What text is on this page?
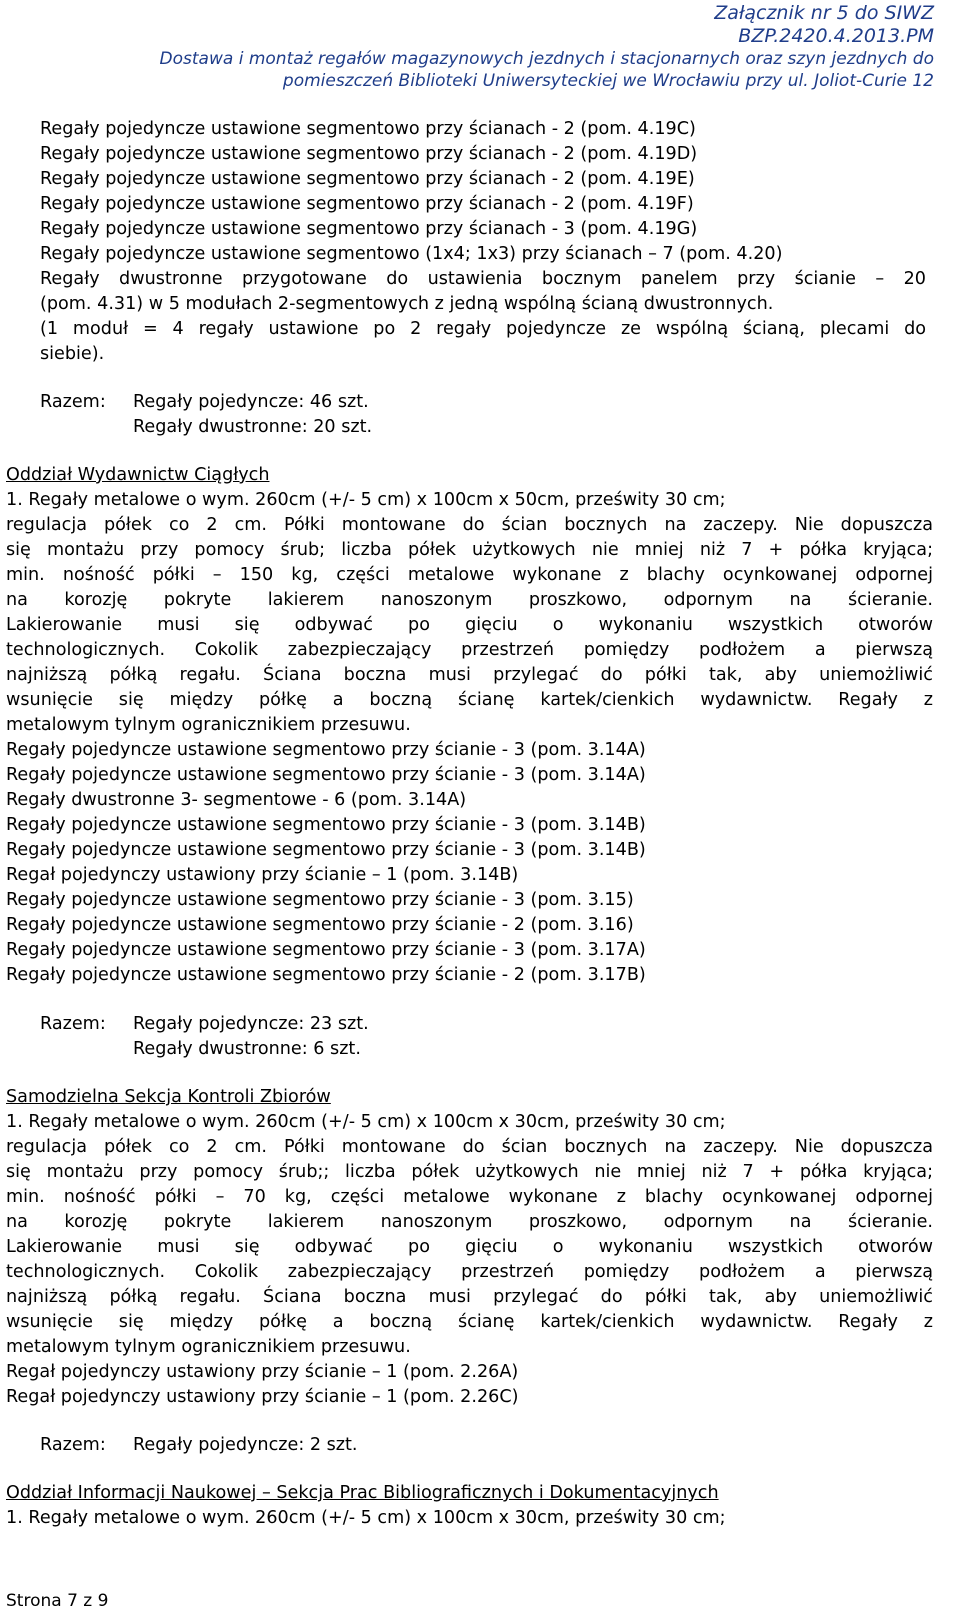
Załącznik nr 5 do SIWZ
BZP.2420.4.2013.PM
Dostawa i montaż regałów magazynowych jezdnych i stacjonarnych oraz szyn jezdnych do
pomieszczeń Biblioteki Uniwersyteckiej we Wrocławiu przy ul. Joliot-Curie 12
Regały pojedyncze ustawione segmentowo przy ścianach - 2 (pom. 4.19C)
Regały pojedyncze ustawione segmentowo przy ścianach - 2 (pom. 4.19D)
Regały pojedyncze ustawione segmentowo przy ścianach - 2 (pom. 4.19E)
Regały pojedyncze ustawione segmentowo przy ścianach - 2 (pom. 4.19F)
Regały pojedyncze ustawione segmentowo przy ścianach - 3 (pom. 4.19G)
Regały pojedyncze ustawione segmentowo (1x4; 1x3) przy ścianach – 7 (pom. 4.20)
Regały dwustronne przygotowane do ustawienia bocznym panelem przy ścianie – 20
(pom. 4.31) w 5 modułach 2-segmentowych z jedną wspólną ścianą dwustronnych.
(1 moduł = 4 regały ustawione po 2 regały pojedyncze ze wspólną ścianą, plecami do
siebie).
Razem: Regały pojedyncze: 46 szt.
Regały dwustronne: 20 szt.
Oddział Wydawnictw Ciągłych
1. Regały metalowe o wym. 260cm (+/- 5 cm) x 100cm x 50cm, prześwity 30 cm;
regulacja półek co 2 cm. Półki montowane do ścian bocznych na zaczepy. Nie dopuszcza
się montażu przy pomocy śrub; liczba półek użytkowych nie mniej niż 7 + półka kryjąca;
min. nośność półki – 150 kg, części metalowe wykonane z blachy ocynkowanej odpornej
na korozję pokryte lakierem nanoszonym proszkowo, odpornym na ścieranie.
Lakierowanie musi się odbywać po gięciu o wykonaniu wszystkich otworów
technologicznych. Cokolik zabezpieczający przestrzeń pomiędzy podłożem a pierwszą
najniższą półką regału. Ściana boczna musi przylegać do półki tak, aby uniemożliwić
wsunięcie się między półkę a boczną ścianę kartek/cienkich wydawnictw. Regały z
metalowym tylnym ogranicznikiem przesuwu.
Regały pojedyncze ustawione segmentowo przy ścianie - 3 (pom. 3.14A)
Regały pojedyncze ustawione segmentowo przy ścianie - 3 (pom. 3.14A)
Regały dwustronne 3- segmentowe - 6 (pom. 3.14A)
Regały pojedyncze ustawione segmentowo przy ścianie - 3 (pom. 3.14B)
Regały pojedyncze ustawione segmentowo przy ścianie - 3 (pom. 3.14B)
Regał pojedynczy ustawiony przy ścianie – 1 (pom. 3.14B)
Regały pojedyncze ustawione segmentowo przy ścianie - 3 (pom. 3.15)
Regały pojedyncze ustawione segmentowo przy ścianie - 2 (pom. 3.16)
Regały pojedyncze ustawione segmentowo przy ścianie - 3 (pom. 3.17A)
Regały pojedyncze ustawione segmentowo przy ścianie - 2 (pom. 3.17B)
Razem: Regały pojedyncze: 23 szt.
Regały dwustronne: 6 szt.
Samodzielna Sekcja Kontroli Zbiorów
1. Regały metalowe o wym. 260cm (+/- 5 cm) x 100cm x 30cm, prześwity 30 cm;
regulacja półek co 2 cm. Półki montowane do ścian bocznych na zaczepy. Nie dopuszcza
się montażu przy pomocy śrub;; liczba półek użytkowych nie mniej niż 7 + półka kryjąca;
min. nośność półki – 70 kg, części metalowe wykonane z blachy ocynkowanej odpornej
na korozję pokryte lakierem nanoszonym proszkowo, odpornym na ścieranie.
Lakierowanie musi się odbywać po gięciu o wykonaniu wszystkich otworów
technologicznych. Cokolik zabezpieczający przestrzeń pomiędzy podłożem a pierwszą
najniższą półką regału. Ściana boczna musi przylegać do półki tak, aby uniemożliwić
wsunięcie się między półkę a boczną ścianę kartek/cienkich wydawnictw. Regały z
metalowym tylnym ogranicznikiem przesuwu.
Regał pojedynczy ustawiony przy ścianie – 1 (pom. 2.26A)
Regał pojedynczy ustawiony przy ścianie – 1 (pom. 2.26C)
Razem: Regały pojedyncze: 2 szt.
Oddział Informacji Naukowej – Sekcja Prac Bibliograficznych i Dokumentacyjnych
1. Regały metalowe o wym. 260cm (+/- 5 cm) x 100cm x 30cm, prześwity 30 cm;
Strona 7 z 9
